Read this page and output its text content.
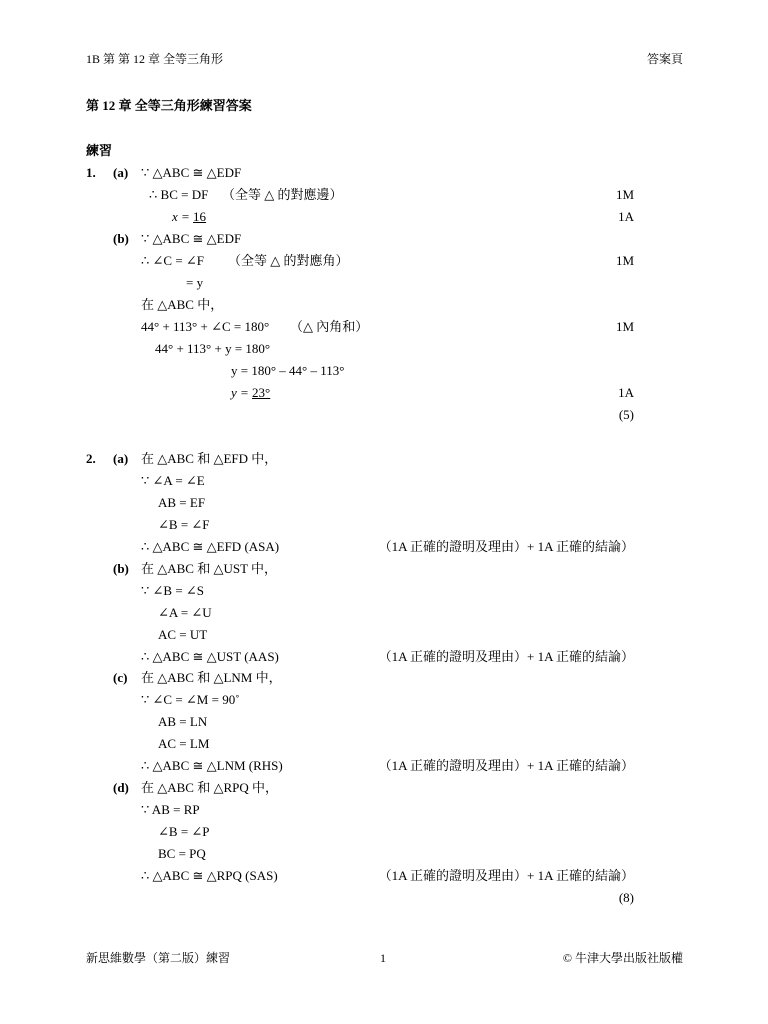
1B 第 第 12 章 全等三角形	答案頁
第 12 章 全等三角形練習答案
練習
1. (a) ∵ △ABC ≅ △EDF
∴ BC = DF （全等 △ 的對應邊）	1M
x = 16	1A
(b) ∵ △ABC ≅ △EDF
∴ ∠C = ∠F （全等 △ 的對應角）	1M
= y
在 △ABC 中，
44° + 113° + ∠C = 180° （△ 內角和）	1M
44° + 113° + y = 180°
y = 180° – 44° – 113°
y = 23°	1A
(5)
2. (a) 在 △ABC 和 △EFD 中，
∵ ∠A = ∠E
AB = EF
∠B = ∠F
∴ △ABC ≅ △EFD (ASA)	（1A 正確的證明及理由）+ 1A 正確的結論）
(b) 在 △ABC 和 △UST 中，
∵ ∠B = ∠S
∠A = ∠U
AC = UT
∴ △ABC ≅ △UST (AAS)	（1A 正確的證明及理由）+ 1A 正確的結論）
(c) 在 △ABC 和 △LNM 中，
∵ ∠C = ∠M = 90˚
AB = LN
AC = LM
∴ △ABC ≅ △LNM (RHS)	（1A 正確的證明及理由）+ 1A 正確的結論）
(d) 在 △ABC 和 △RPQ 中，
∵ AB = RP
∠B = ∠P
BC = PQ
∴ △ABC ≅ △RPQ (SAS)	（1A 正確的證明及理由）+ 1A 正確的結論）
(8)
新思維數學（第二版）練習	1	© 牛津大學出版社版權
